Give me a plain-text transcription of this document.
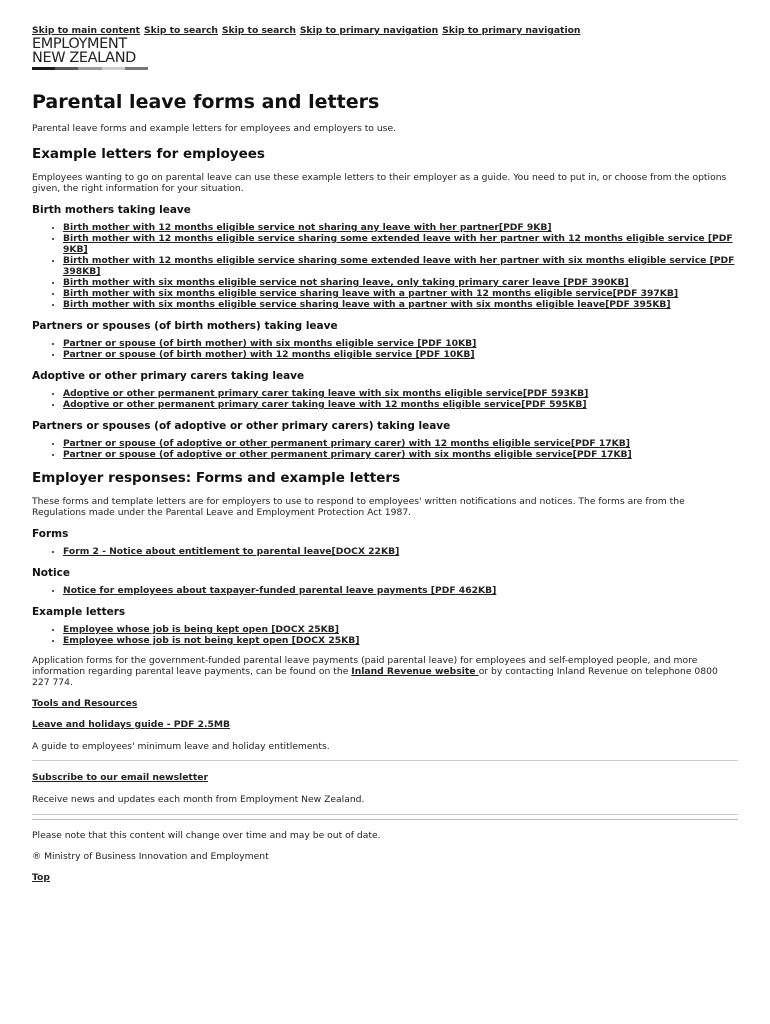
Skip to main content Skip to search Skip to search Skip to primary navigation Skip to primary navigation
EMPLOYMENT
NEW ZEALAND
Parental leave forms and letters

Parental leave forms and example letters for employees and employers to use.

Example letters for employees

Employees wanting to go on parental leave can use these example letters to their employer as a guide. You need to put in, or choose from the options given, the right information for your situation.

Birth mothers taking leave
• Birth mother with 12 months eligible service not sharing any leave with her partner[PDF 9KB]
• Birth mother with 12 months eligible service sharing some extended leave with her partner with 12 months eligible service [PDF 9KB]
• Birth mother with 12 months eligible service sharing some extended leave with her partner with six months eligible service [PDF 398KB]
• Birth mother with six months eligible service not sharing leave, only taking primary carer leave [PDF 390KB]
• Birth mother with six months eligible service sharing leave with a partner with 12 months eligible service[PDF 397KB]
• Birth mother with six months eligible service sharing leave with a partner with six months eligible leave[PDF 395KB]
Partners or spouses (of birth mothers) taking leave
• Partner or spouse (of birth mother) with six months eligible service [PDF 10KB]
• Partner or spouse (of birth mother) with 12 months eligible service [PDF 10KB]
Adoptive or other primary carers taking leave
• Adoptive or other permanent primary carer taking leave with six months eligible service[PDF 593KB]
• Adoptive or other permanent primary carer taking leave with 12 months eligible service[PDF 595KB]
Partners or spouses (of adoptive or other primary carers) taking leave
• Partner or spouse (of adoptive or other permanent primary carer) with 12 months eligible service[PDF 17KB]
• Partner or spouse (of adoptive or other permanent primary carer) with six months eligible service[PDF 17KB]
Employer responses: Forms and example letters

These forms and template letters are for employers to use to respond to employees' written notifications and notices. The forms are from the Regulations made under the Parental Leave and Employment Protection Act 1987.

Forms
• Form 2 - Notice about entitlement to parental leave[DOCX 22KB]
Notice
• Notice for employees about taxpayer-funded parental leave payments [PDF 462KB]
Example letters
• Employee whose job is being kept open [DOCX 25KB]
• Employee whose job is not being kept open [DOCX 25KB]

Application forms for the government-funded parental leave payments (paid parental leave) for employees and self-employed people, and more information regarding parental leave payments, can be found on the Inland Revenue website or by contacting Inland Revenue on telephone 0800 227 774.

Tools and Resources

Leave and holidays guide - PDF 2.5MB

A guide to employees' minimum leave and holiday entitlements.

Subscribe to our email newsletter

Receive news and updates each month from Employment New Zealand.

Please note that this content will change over time and may be out of date.

® Ministry of Business Innovation and Employment

Top
